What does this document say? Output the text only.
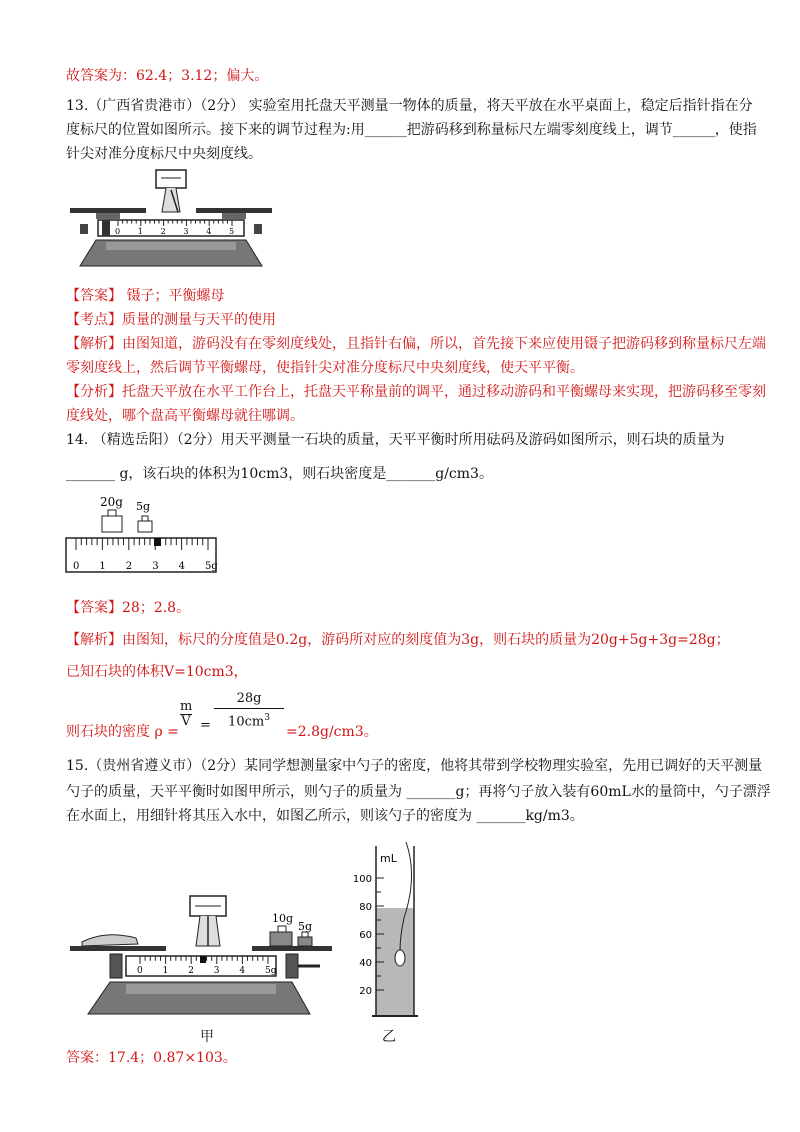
故答案为：62.4；3.12；偏大。
13.（广西省贵港市）（2分） 实验室用托盘天平测量一物体的质量，将天平放在水平桌面上，稳定后指针指在分
度标尺的位置如图所示。接下来的调节过程为:用______把游码移到称量标尺左端零刻度线上，调节______，使指
针尖对准分度标尺中央刻度线。
0 1 2 3 4 5
【答案】 镊子；平衡螺母
【考点】质量的测量与天平的使用
【解析】由图知道，游码没有在零刻度线处，且指针右偏，所以，首先接下来应使用镊子把游码移到称量标尺左端
零刻度线上，然后调节平衡螺母，使指针尖对准分度标尺中央刻度线，使天平平衡。
【分析】托盘天平放在水平工作台上，托盘天平称量前的调平，通过移动游码和平衡螺母来实现，把游码移至零刻
度线处，哪个盘高平衡螺母就往哪调。
14. （精选岳阳）（2分）用天平测量一石块的质量，天平平衡时所用砝码及游码如图所示，则石块的质量为
_______ g，该石块的体积为10cm3，则石块密度是_______g/cm3。
20g 5g
0 1 2 3 4 5g
【答案】28；2.8。
【解析】由图知，标尺的分度值是0.2g，游码所对应的刻度值为3g，则石块的质量为20g+5g+3g=28g；
已知石块的体积V=10cm3，
则石块的密度 ρ =
$\frac{m}{V} = \frac{28g}{10cm^3}$
=2.8g/cm3。
15.（贵州省遵义市）（2分）某同学想测量家中勺子的密度，他将其带到学校物理实验室，先用已调好的天平测量
勺子的质量，天平平衡时如图甲所示，则勺子的质量为 _______g；再将勺子放入装有60mL水的量筒中，勺子漂浮
在水面上，用细针将其压入水中，如图乙所示，则该勺子的密度为 _______kg/m3。
10g
5g
0 1 2 3 4 5g
甲
mL
100
80
60
40
20
乙
答案：17.4；0.87×103。
